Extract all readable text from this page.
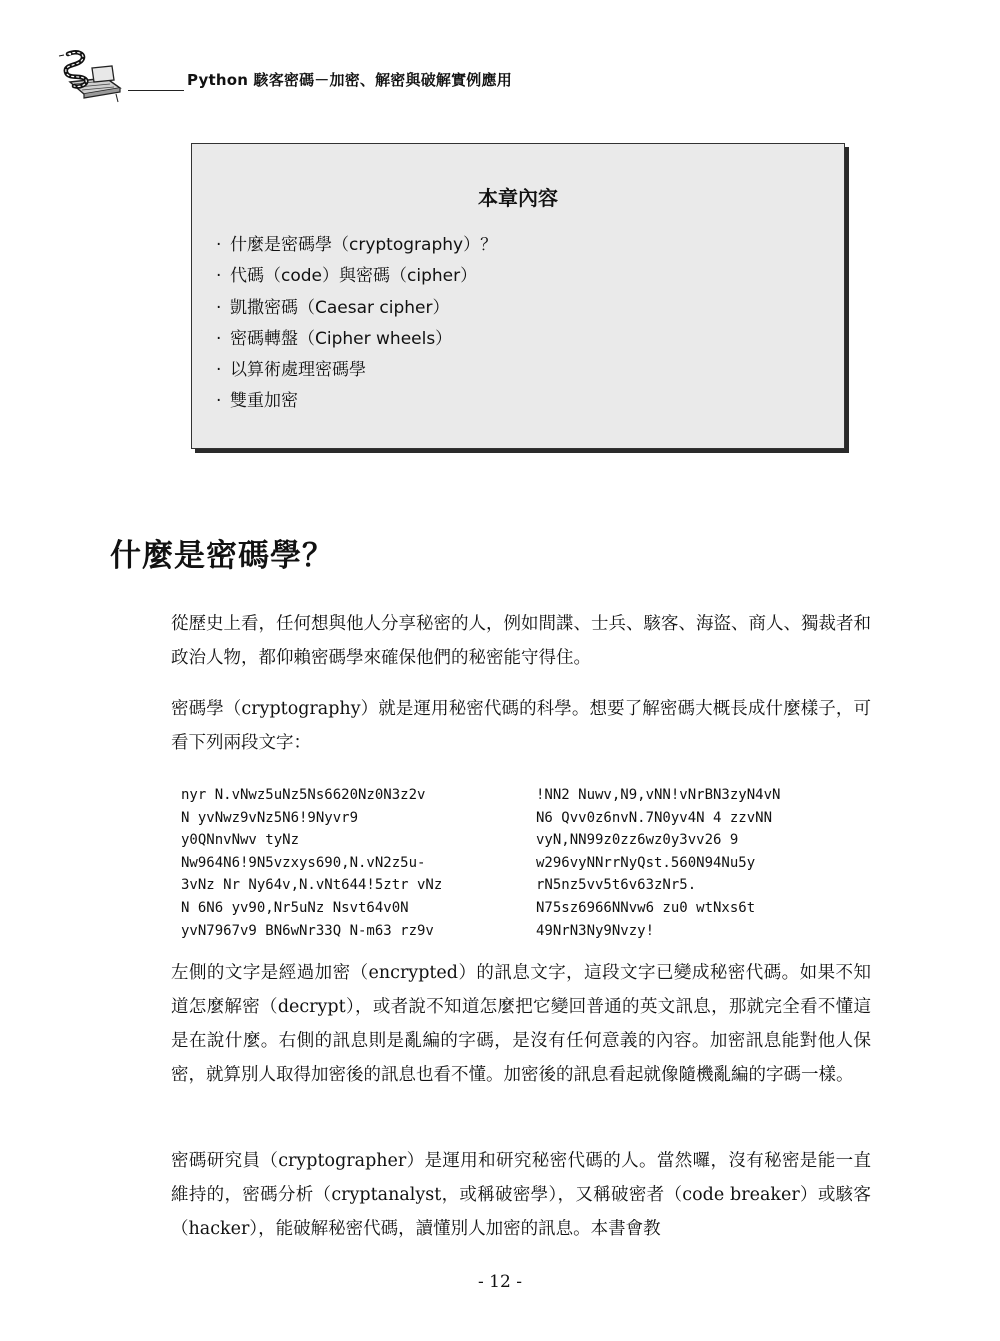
Python 駭客密碼－加密、解密與破解實例應用
本章內容
· 什麼是密碼學（cryptography）？
· 代碼（code）與密碼（cipher）
· 凱撒密碼（Caesar cipher）
· 密碼轉盤（Cipher wheels）
· 以算術處理密碼學
· 雙重加密
什麼是密碼學？

從歷史上看，任何想與他人分享秘密的人，例如間諜、士兵、駭客、海盜、商人、獨裁者和政治人物，都仰賴密碼學來確保他們的秘密能守得住。

密碼學（cryptography）就是運用秘密代碼的科學。想要了解密碼大概長成什麼樣子，可看下列兩段文字：

nyr N.vNwz5uNz5Ns6620Nz0N3z2v
N yvNwz9vNz5N6!9Nyvr9
y0QNnvNwv tyNz
Nw964N6!9N5vzxys690,N.vN2z5u-
3vNz Nr Ny64v,N.vNt644!5ztr vNz
N 6N6 yv90,Nr5uNz Nsvt64v0N
yvN7967v9 BN6wNr33Q N-m63 rz9v
!NN2 Nuwv,N9,vNN!vNrBN3zyN4vN
N6 Qvv0z6nvN.7N0yv4N 4 zzvNN
vyN,NN99z0zz6wz0y3vv26 9
w296vyNNrrNyQst.560N94Nu5y
rN5nz5vv5t6v63zNr5.
N75sz6966NNvw6 zu0 wtNxs6t
49NrN3Ny9Nvzy!

左側的文字是經過加密（encrypted）的訊息文字，這段文字已變成秘密代碼。如果不知道怎麼解密（decrypt），或者說不知道怎麼把它變回普通的英文訊息，那就完全看不懂這是在說什麼。右側的訊息則是亂編的字碼，是沒有任何意義的內容。加密訊息能對他人保密，就算別人取得加密後的訊息也看不懂。加密後的訊息看起就像隨機亂編的字碼一樣。

密碼研究員（cryptographer）是運用和研究秘密代碼的人。當然囉，沒有秘密是能一直維持的，密碼分析（cryptanalyst，或稱破密學），又稱破密者（code breaker）或駭客（hacker），能破解秘密代碼，讀懂別人加密的訊息。本書會教

- 12 -
